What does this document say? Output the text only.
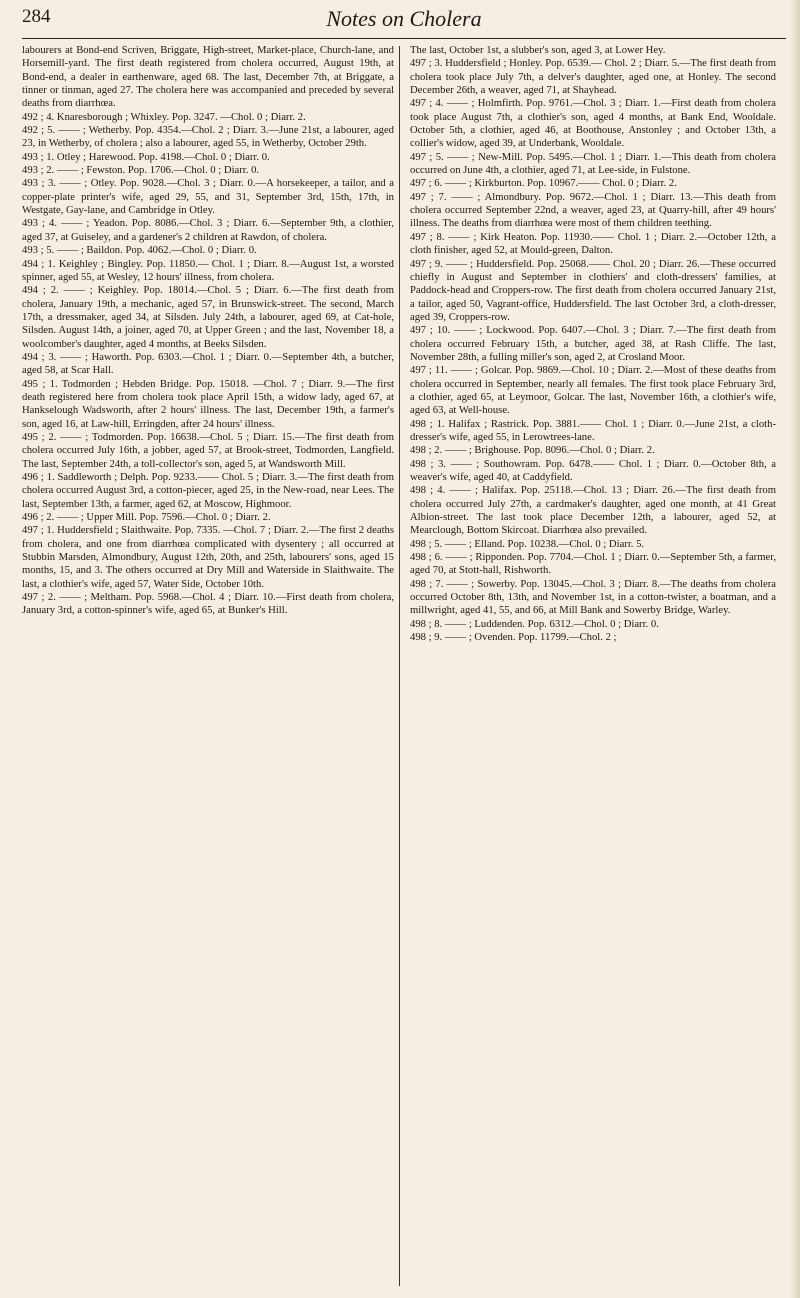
284	Notes on Cholera

labourers at Bond-end Scriven, Briggate, High-street, Market-place, Church-lane, and Horsemill-yard. The first death registered from cholera occurred, August 19th, at Bond-end, a dealer in earthenware, aged 68. The last, December 7th, at Briggate, a tinner or tinman, aged 27. The cholera here was accompanied and preceded by several deaths from diarrhœa.

492 ; 4. Knaresborough ; Whixley. Pop. 3247. —Chol. 0 ; Diarr. 2.

492 ; 5. —— ; Wetherby. Pop. 4354.—Chol. 2 ; Diarr. 3.—June 21st, a labourer, aged 23, in Wetherby, of cholera ; also a labourer, aged 55, in Wetherby, October 29th.

493 ; 1. Otley ; Harewood. Pop. 4198.—Chol. 0 ; Diarr. 0.

493 ; 2. —— ; Fewston. Pop. 1706.—Chol. 0 ; Diarr. 0.

493 ; 3. —— ; Otley. Pop. 9028.—Chol. 3 ; Diarr. 0.—A horsekeeper, a tailor, and a copper-plate printer's wife, aged 29, 55, and 31, September 3rd, 15th, 17th, in Westgate, Gay-lane, and Cambridge in Otley.

493 ; 4. —— ; Yeadon. Pop. 8086.—Chol. 3 ; Diarr. 6.—September 9th, a clothier, aged 37, at Guiseley, and a gardener's 2 children at Rawdon, of cholera.

493 ; 5. —— ; Baildon. Pop. 4062.—Chol. 0 ; Diarr. 0.

494 ; 1. Keighley ; Bingley. Pop. 11850.— Chol. 1 ; Diarr. 8.—August 1st, a worsted spinner, aged 55, at Wesley, 12 hours' illness, from cholera.

494 ; 2. —— ; Keighley. Pop. 18014.—Chol. 5 ; Diarr. 6.—The first death from cholera, January 19th, a mechanic, aged 57, in Brunswick-street. The second, March 17th, a dressmaker, aged 34, at Silsden. July 24th, a labourer, aged 69, at Cat-hole, Silsden. August 14th, a joiner, aged 70, at Upper Green ; and the last, November 18, a woolcomber's daughter, aged 4 months, at Beeks Silsden.

494 ; 3. —— ; Haworth. Pop. 6303.—Chol. 1 ; Diarr. 0.—September 4th, a butcher, aged 58, at Scar Hall.

495 ; 1. Todmorden ; Hebden Bridge. Pop. 15018. —Chol. 7 ; Diarr. 9.—The first death registered here from cholera took place April 15th, a widow lady, aged 67, at Hankselough Wadsworth, after 2 hours' illness. The last, December 19th, a farmer's son, aged 16, at Law-hill, Erringden, after 24 hours' illness.

495 ; 2. —— ; Todmorden. Pop. 16638.—Chol. 5 ; Diarr. 15.—The first death from cholera occurred July 16th, a jobber, aged 57, at Brook-street, Todmorden, Langfield. The last, September 24th, a toll-collector's son, aged 5, at Wandsworth Mill.

496 ; 1. Saddleworth ; Delph. Pop. 9233.—— Chol. 5 ; Diarr. 3.—The first death from cholera occurred August 3rd, a cotton-piecer, aged 25, in the New-road, near Lees. The last, September 13th, a farmer, aged 62, at Moscow, Highmoor.

496 ; 2. —— ; Upper Mill. Pop. 7596.—Chol. 0 ; Diarr. 2.

497 ; 1. Huddersfield ; Slaithwaite. Pop. 7335. —Chol. 7 ; Diarr. 2.—The first 2 deaths from cholera, and one from diarrhœa complicated with dysentery ; all occurred at Stubbin Marsden, Almondbury, August 12th, 20th, and 25th, labourers' sons, aged 15 months, 15, and 3. The others occurred at Dry Mill and Waterside in Slaithwaite. The last, a clothier's wife, aged 57, Water Side, October 10th.

497 ; 2. —— ; Meltham. Pop. 5968.—Chol. 4 ; Diarr. 10.—First death from cholera, January 3rd, a cotton-spinner's wife, aged 65, at Bunker's Hill.

The last, October 1st, a slubber's son, aged 3, at Lower Hey.

497 ; 3. Huddersfield ; Honley. Pop. 6539.— Chol. 2 ; Diarr. 5.—The first death from cholera took place July 7th, a delver's daughter, aged one, at Honley. The second December 26th, a weaver, aged 71, at Shayhead.

497 ; 4. —— ; Holmfirth. Pop. 9761.—Chol. 3 ; Diarr. 1.—First death from cholera took place August 7th, a clothier's son, aged 4 months, at Bank End, Wooldale. October 5th, a clothier, aged 46, at Boothouse, Anstonley ; and October 13th, a collier's widow, aged 39, at Underbank, Wooldale.

497 ; 5. —— ; New-Mill. Pop. 5495.—Chol. 1 ; Diarr. 1.—This death from cholera occurred on June 4th, a clothier, aged 71, at Lee-side, in Fulstone.

497 ; 6. —— ; Kirkburton. Pop. 10967.—— Chol. 0 ; Diarr. 2.

497 ; 7. —— ; Almondbury. Pop. 9672.—Chol. 1 ; Diarr. 13.—This death from cholera occurred September 22nd, a weaver, aged 23, at Quarry-hill, after 49 hours' illness. The deaths from diarrhœa were most of them children teething.

497 ; 8. —— ; Kirk Heaton. Pop. 11930.—— Chol. 1 ; Diarr. 2.—October 12th, a cloth finisher, aged 52, at Mould-green, Dalton.

497 ; 9. —— ; Huddersfield. Pop. 25068.—— Chol. 20 ; Diarr. 26.—These occurred chiefly in August and September in clothiers' and cloth-dressers' families, at Paddock-head and Croppers-row. The first death from cholera occurred January 21st, a tailor, aged 50, Vagrant-office, Huddersfield. The last October 3rd, a cloth-dresser, aged 39, Croppers-row.

497 ; 10. —— ; Lockwood. Pop. 6407.—Chol. 3 ; Diarr. 7.—The first death from cholera occurred February 15th, a butcher, aged 38, at Rash Cliffe. The last, November 28th, a fulling miller's son, aged 2, at Crosland Moor.

497 ; 11. —— ; Golcar. Pop. 9869.—Chol. 10 ; Diarr. 2.—Most of these deaths from cholera occurred in September, nearly all females. The first took place February 3rd, a clothier, aged 65, at Leymoor, Golcar. The last, November 16th, a clothier's wife, aged 63, at Well-house.

498 ; 1. Halifax ; Rastrick. Pop. 3881.—— Chol. 1 ; Diarr. 0.—June 21st, a cloth-dresser's wife, aged 55, in Lerowtrees-lane.

498 ; 2. —— ; Brighouse. Pop. 8096.—Chol. 0 ; Diarr. 2.

498 ; 3. —— ; Southowram. Pop. 6478.—— Chol. 1 ; Diarr. 0.—October 8th, a weaver's wife, aged 40, at Caddyfield.

498 ; 4. —— ; Halifax. Pop. 25118.—Chol. 13 ; Diarr. 26.—The first death from cholera occurred July 27th, a cardmaker's daughter, aged one month, at 41 Great Albion-street. The last took place December 12th, a labourer, aged 52, at Mearclough, Bottom Skircoat. Diarrhœa also prevailed.

498 ; 5. —— ; Elland. Pop. 10238.—Chol. 0 ; Diarr. 5.

498 ; 6. —— ; Ripponden. Pop. 7704.—Chol. 1 ; Diarr. 0.—September 5th, a farmer, aged 70, at Stott-hall, Rishworth.

498 ; 7. —— ; Sowerby. Pop. 13045.—Chol. 3 ; Diarr. 8.—The deaths from cholera occurred October 8th, 13th, and November 1st, in a cotton-twister, a boatman, and a millwright, aged 41, 55, and 66, at Mill Bank and Sowerby Bridge, Warley.

498 ; 8. —— ; Luddenden. Pop. 6312.—Chol. 0 ; Diarr. 0.

498 ; 9. —— ; Ovenden. Pop. 11799.—Chol. 2 ;
